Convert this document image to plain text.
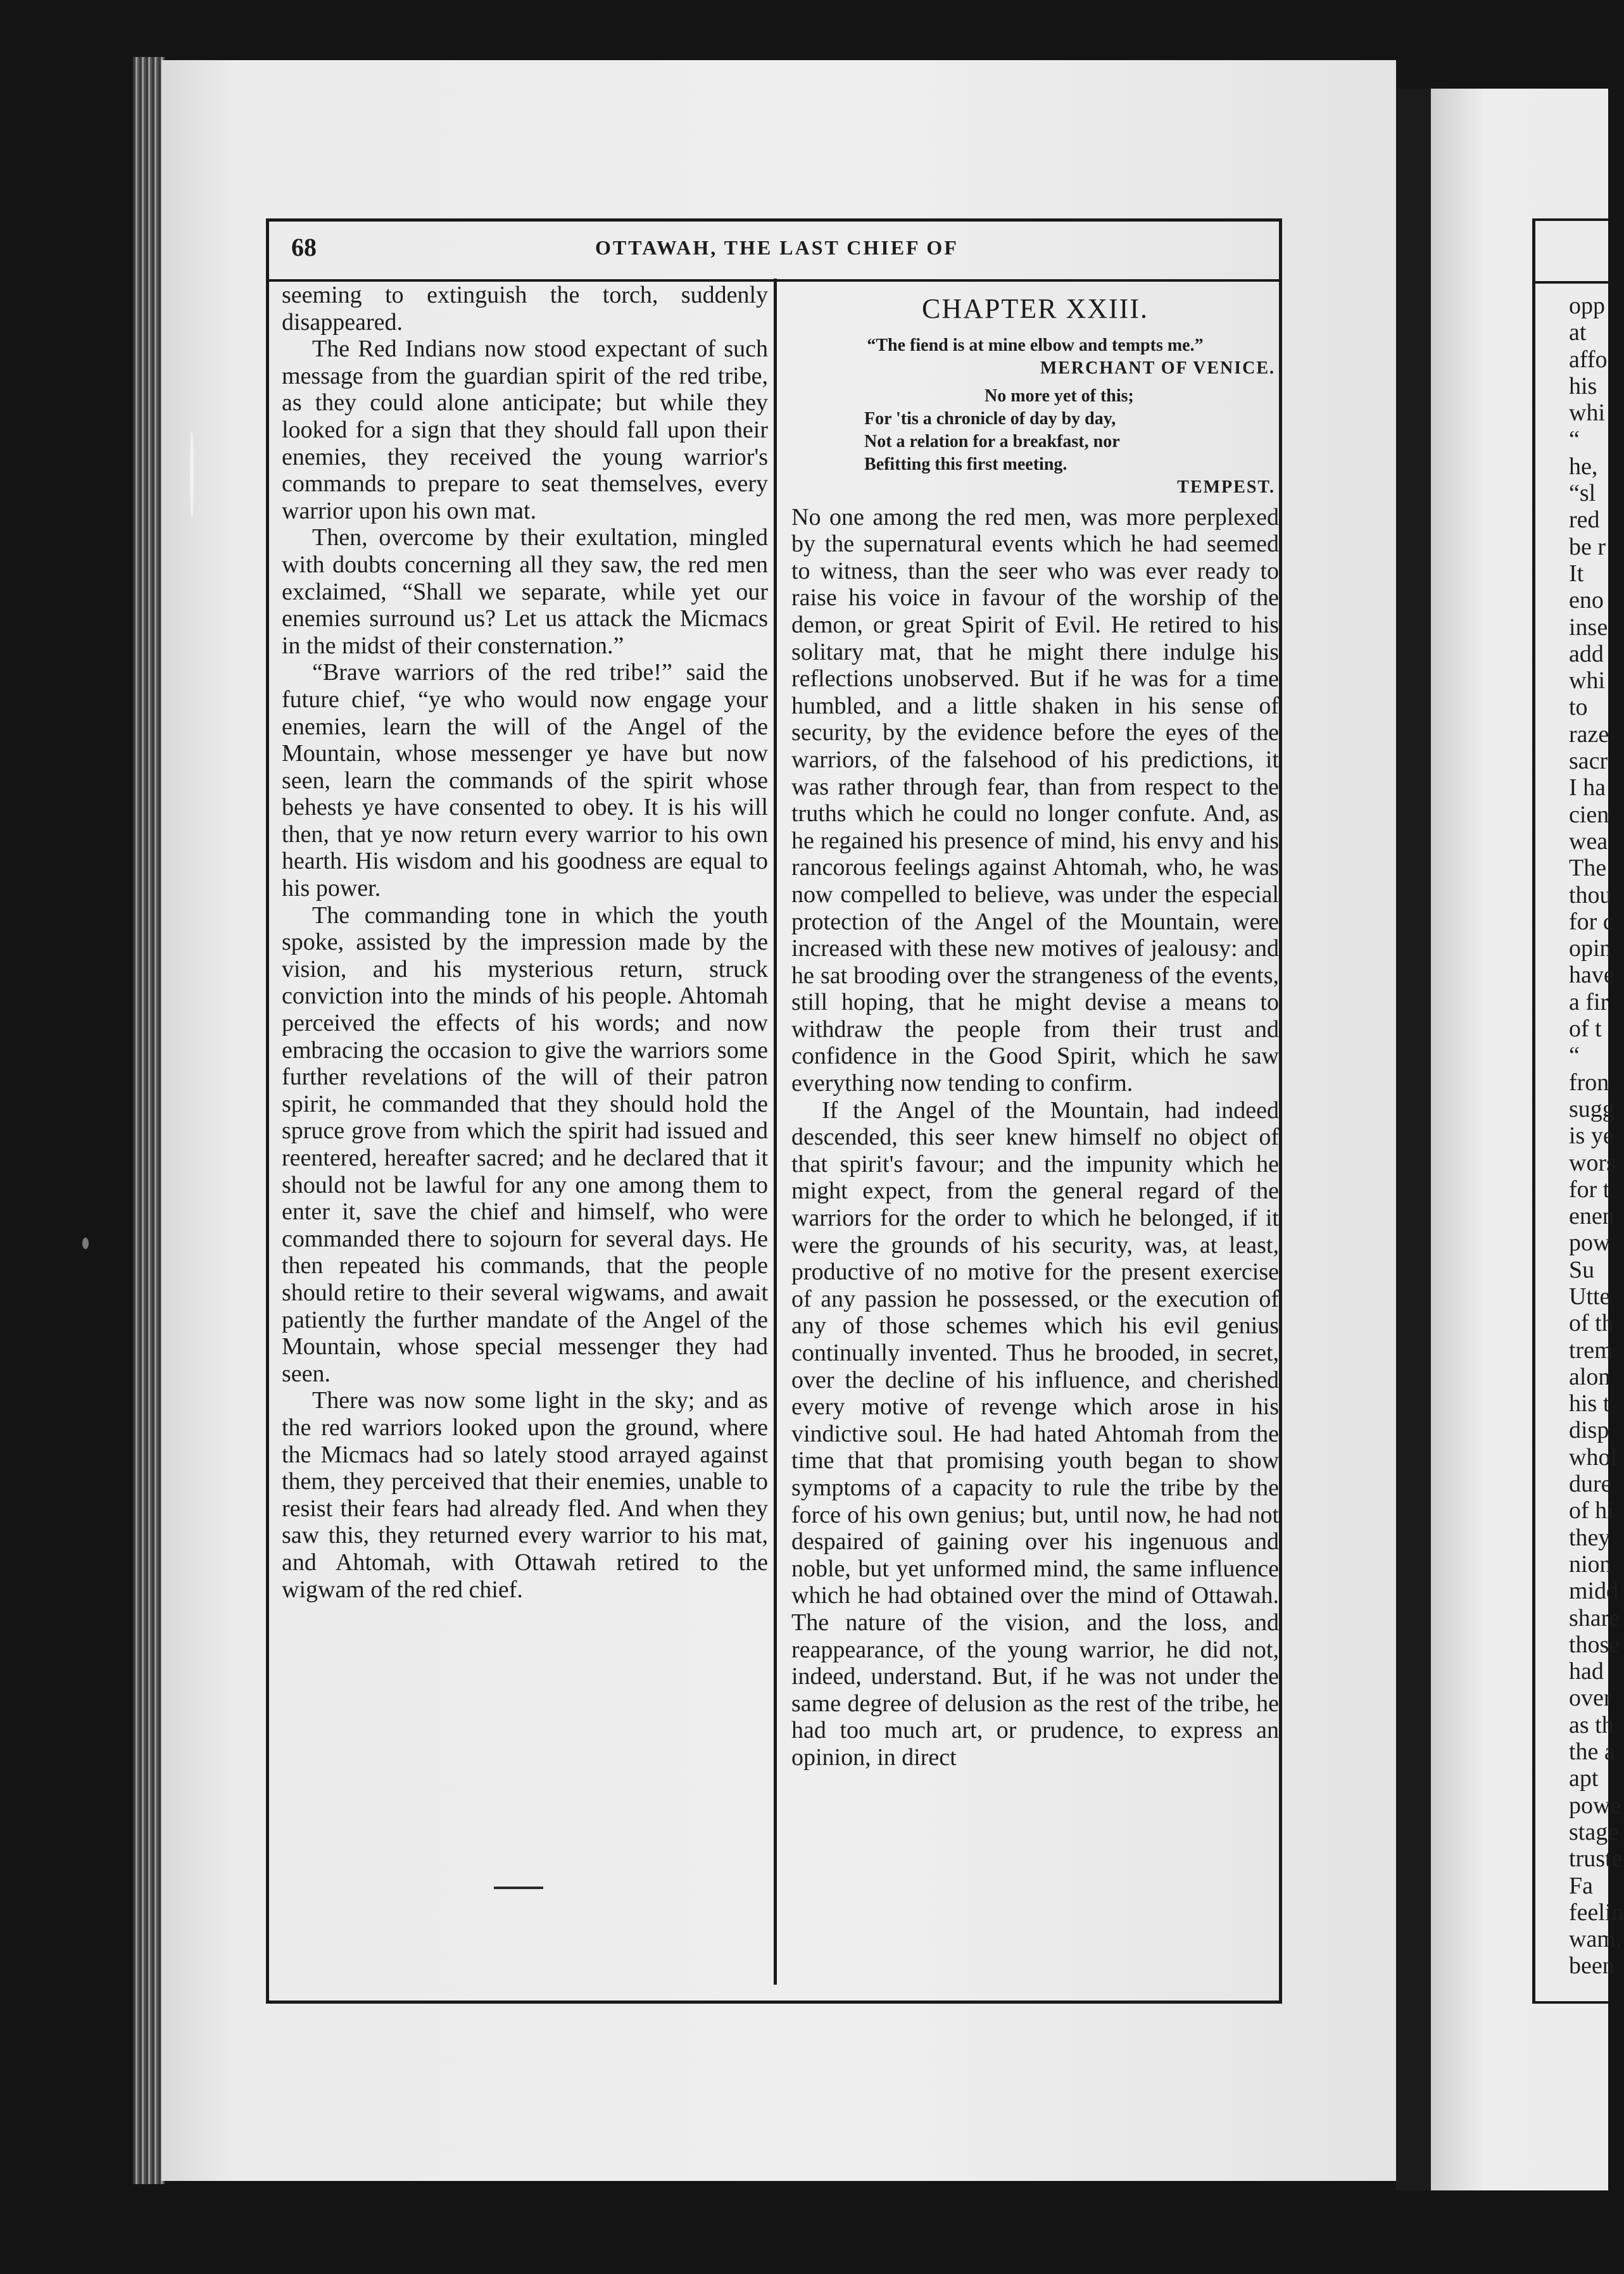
68	OTTAWAH, THE LAST CHIEF OF

seeming to extinguish the torch, suddenly disappeared.

The Red Indians now stood expectant of such message from the guardian spirit of the red tribe, as they could alone anticipate; but while they looked for a sign that they should fall upon their enemies, they received the young warrior's commands to prepare to seat themselves, every warrior upon his own mat.

Then, overcome by their exultation, mingled with doubts concerning all they saw, the red men exclaimed, “Shall we separate, while yet our enemies surround us? Let us attack the Micmacs in the midst of their consternation.”

“Brave warriors of the red tribe!” said the future chief, “ye who would now engage your enemies, learn the will of the Angel of the Mountain, whose messenger ye have but now seen, learn the commands of the spirit whose behests ye have consented to obey. It is his will then, that ye now return every warrior to his own hearth. His wisdom and his goodness are equal to his power.

The commanding tone in which the youth spoke, assisted by the impression made by the vision, and his mysterious return, struck conviction into the minds of his people. Ahtomah perceived the effects of his words; and now embracing the occasion to give the warriors some further revelations of the will of their patron spirit, he commanded that they should hold the spruce grove from which the spirit had issued and reentered, hereafter sacred; and he declared that it should not be lawful for any one among them to enter it, save the chief and himself, who were commanded there to sojourn for several days. He then repeated his commands, that the people should retire to their several wigwams, and await patiently the further mandate of the Angel of the Mountain, whose special messenger they had seen.

There was now some light in the sky; and as the red warriors looked upon the ground, where the Micmacs had so lately stood arrayed against them, they perceived that their enemies, unable to resist their fears had already fled. And when they saw this, they returned every warrior to his mat, and Ahtomah, with Ottawah retired to the wigwam of the red chief.

CHAPTER XXIII.
“The fiend is at mine elbow and tempts me.”
MERCHANT OF VENICE.
No more yet of this;
For 'tis a chronicle of day by day,
Not a relation for a breakfast, nor
Befitting this first meeting.
TEMPEST.

No one among the red men, was more perplexed by the supernatural events which he had seemed to witness, than the seer who was ever ready to raise his voice in favour of the worship of the demon, or great Spirit of Evil. He retired to his solitary mat, that he might there indulge his reflections unobserved. But if he was for a time humbled, and a little shaken in his sense of security, by the evidence before the eyes of the warriors, of the falsehood of his predictions, it was rather through fear, than from respect to the truths which he could no longer confute. And, as he regained his presence of mind, his envy and his rancorous feelings against Ahtomah, who, he was now compelled to believe, was under the especial protection of the Angel of the Mountain, were increased with these new motives of jealousy: and he sat brooding over the strangeness of the events, still hoping, that he might devise a means to withdraw the people from their trust and confidence in the Good Spirit, which he saw everything now tending to confirm.

If the Angel of the Mountain, had indeed descended, this seer knew himself no object of that spirit's favour; and the impunity which he might expect, from the general regard of the warriors for the order to which he belonged, if it were the grounds of his security, was, at least, productive of no motive for the present exercise of any passion he possessed, or the execution of any of those schemes which his evil genius continually invented. Thus he brooded, in secret, over the decline of his influence, and cherished every motive of revenge which arose in his vindictive soul. He had hated Ahtomah from the time that that promising youth began to show symptoms of a capacity to rule the tribe by the force of his own genius; but, until now, he had not despaired of gaining over his ingenuous and noble, but yet unformed mind, the same influence which he had obtained over the mind of Ottawah. The nature of the vision, and the loss, and reappearance, of the young warrior, he did not, indeed, understand. But, if he was not under the same degree of delusion as the rest of the tribe, he had too much art, or prudence, to express an opinion, in direct

opp
at
affo
his
whi
“
he,
“sl
red
be r
It
eno
inse
add
whi
to
raze
sacr
I ha
cien
wea
The
thou
for c
opin
have
a fir
of t
“
fron
sugg
is ye
wors
for t
enen
pow
Su
Utte
of th
trem
alon
his t
disp
whol
dure
of hi
they
nion
midd
share
those
had
over
as th
the a
apt
powe
stage
truste
Fa
feelin
wam.
been
